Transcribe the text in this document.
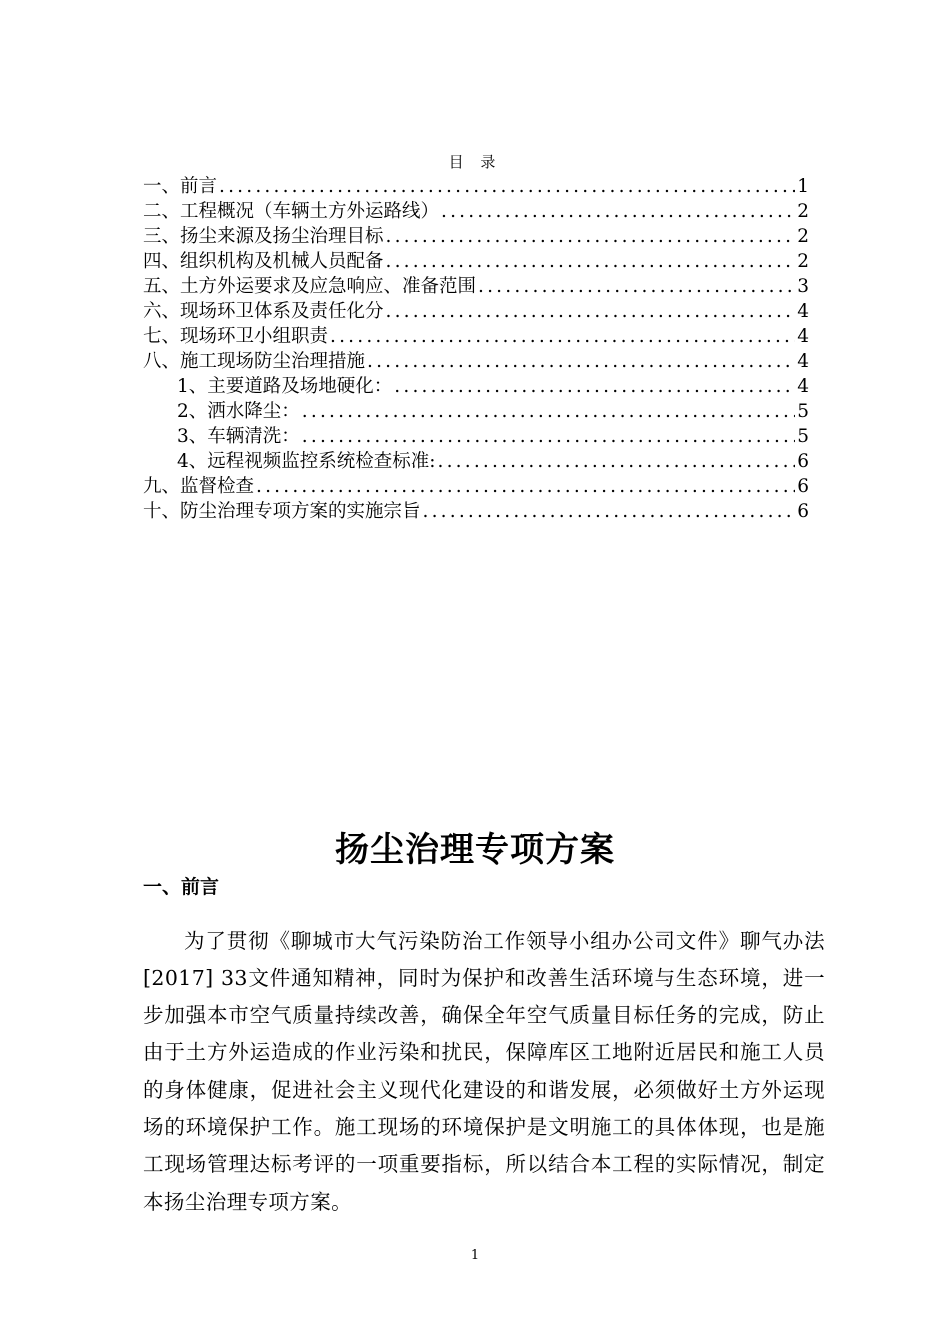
目 录
一、前言 .....	1
二、工程概况（车辆土方外运路线） .....	2
三、扬尘来源及扬尘治理目标 .....	2
四、组织机构及机械人员配备 .....	2
五、土方外运要求及应急响应、准备范围 .....	3
六、现场环卫体系及责任化分 .....	4
七、现场环卫小组职责 .....	4
八、施工现场防尘治理措施 .....	4
1、主要道路及场地硬化： .....	4
2、洒水降尘： .....	5
3、车辆清洗： .....	5
4、远程视频监控系统检查标准: .....	6
九、监督检查 .....	6
十、防尘治理专项方案的实施宗旨 .....	6
扬尘治理专项方案
一、前言

为了贯彻《聊城市大气污染防治工作领导小组办公司文件》聊气办法[2017] 33文件通知精神，同时为保护和改善生活环境与生态环境，进一步加强本市空气质量持续改善，确保全年空气质量目标任务的完成，防止由于土方外运造成的作业污染和扰民，保障库区工地附近居民和施工人员的身体健康，促进社会主义现代化建设的和谐发展，必须做好土方外运现场的环境保护工作。施工现场的环境保护是文明施工的具体体现，也是施工现场管理达标考评的一项重要指标，所以结合本工程的实际情况，制定本扬尘治理专项方案。

1
